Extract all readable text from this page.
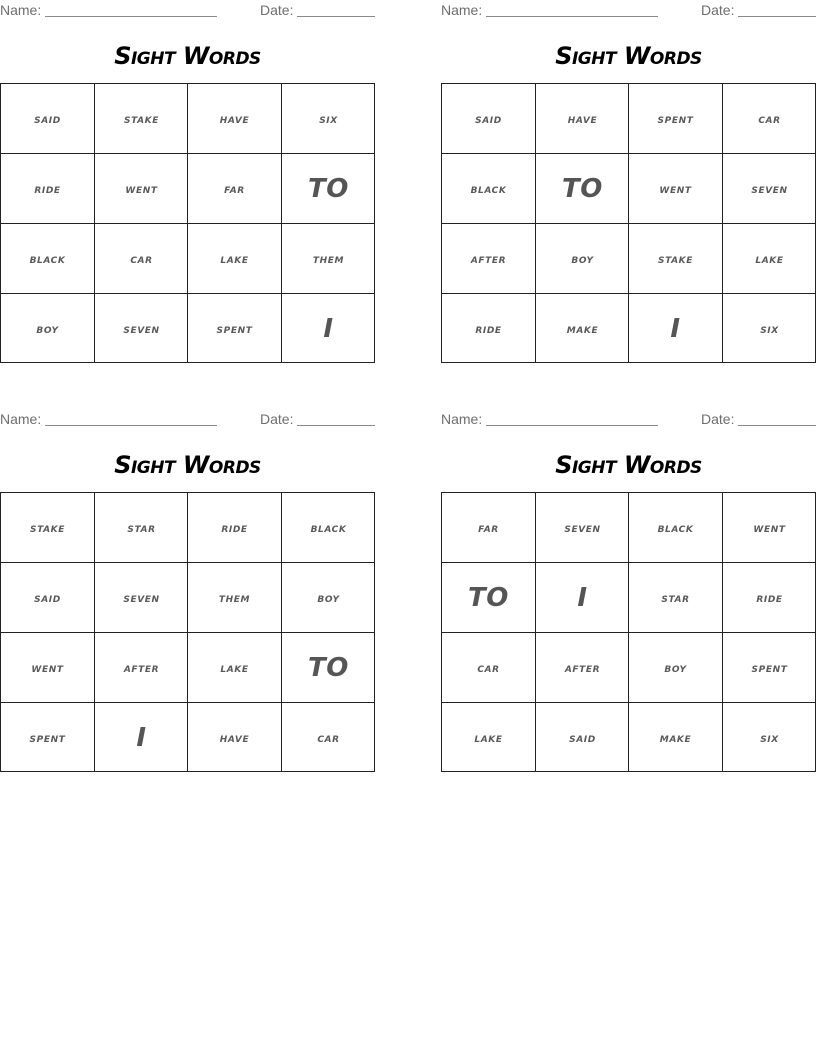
Name:	Date:
Sight Words
said	stake	have	six
ride	went	far	TO
black	car	lake	them
boy	seven	spent	I
Name:	Date:
Sight Words
said	have	spent	car
black	TO	went	seven
after	boy	stake	lake
ride	make	I	six
Name:	Date:
Sight Words
stake	star	ride	black
said	seven	them	boy
went	after	lake	TO
spent	I	have	car
Name:	Date:
Sight Words
far	seven	black	went
TO	I	star	ride
car	after	boy	spent
lake	said	make	six
